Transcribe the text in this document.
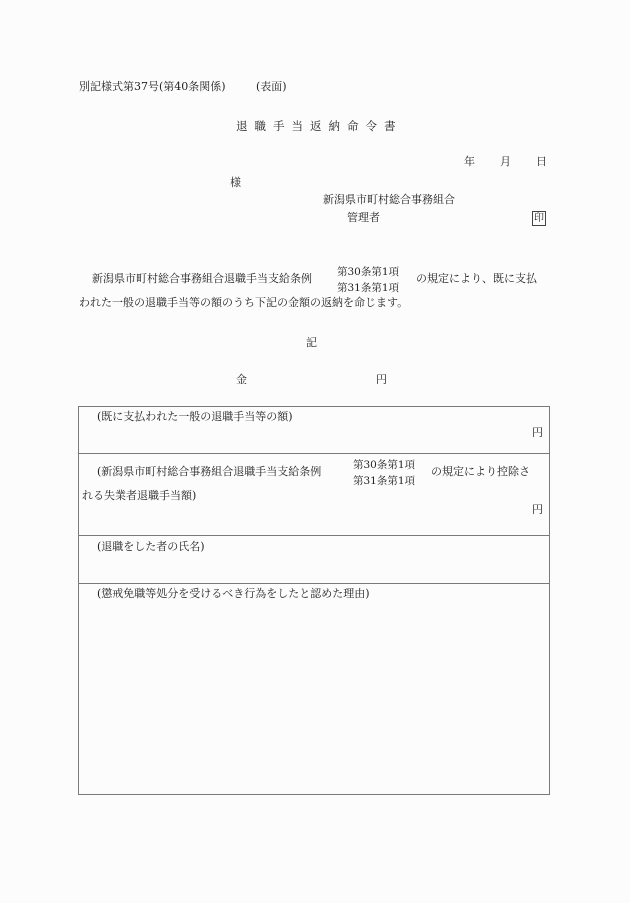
別記様式第37号(第40条関係)	(表面)
退職手当返納命令書
年 月 日
様
新潟県市町村総合事務組合
管理者	印
新潟県市町村総合事務組合退職手当支給条例 第30条第1項
第31条第1項
の規定により、既に支払
われた一般の退職手当等の額のうち下記の金額の返納を命じます。
記
金	円
(既に支払われた一般の退職手当等の額)
円
(新潟県市町村総合事務組合退職手当支給条例	第30条第1項
第31条第1項
の規定により控除さ
れる失業者退職手当額)
円
(退職をした者の氏名)
(懲戒免職等処分を受けるべき行為をしたと認めた理由)
